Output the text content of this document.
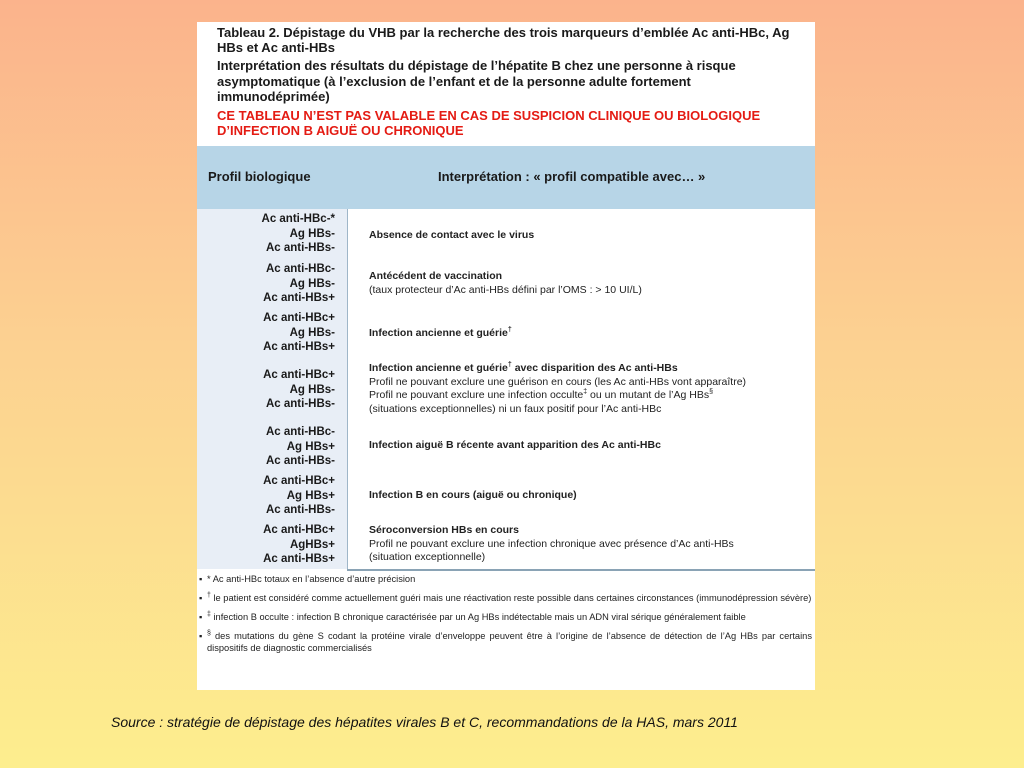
Tableau 2. Dépistage du VHB par la recherche des trois marqueurs d’emblée Ac anti-HBc, Ag HBs et Ac anti-HBs
Interprétation des résultats du dépistage de l’hépatite B chez une personne à risque asymptomatique (à l’exclusion de l’enfant et de la personne adulte fortement immunodéprimée)
CE TABLEAU N’EST PAS VALABLE EN CAS DE SUSPICION CLINIQUE OU BIOLOGIQUE D’INFECTION B AIGUË OU CHRONIQUE
Profil biologique	Interprétation : « profil compatible avec… »
Ac anti-HBc-*
Ag HBs-
Ac anti-HBs-
Absence de contact avec le virus
Ac anti-HBc-
Ag HBs-
Ac anti-HBs+
Antécédent de vaccination
(taux protecteur d’Ac anti-HBs défini par l’OMS : > 10 UI/L)
Ac anti-HBc+
Ag HBs-
Ac anti-HBs+
Infection ancienne et guérie†
Ac anti-HBc+
Ag HBs-
Ac anti-HBs-
Infection ancienne et guérie† avec disparition des Ac anti-HBs
Profil ne pouvant exclure une guérison en cours (les Ac anti-HBs vont apparaître)
Profil ne pouvant exclure une infection occulte‡ ou un mutant de l’Ag HBs§
(situations exceptionnelles) ni un faux positif pour l’Ac anti-HBc
Ac anti-HBc-
Ag HBs+
Ac anti-HBs-
Infection aiguë B récente avant apparition des Ac anti-HBc
Ac anti-HBc+
Ag HBs+
Ac anti-HBs-
Infection B en cours (aiguë ou chronique)
Ac anti-HBc+
AgHBs+
Ac anti-HBs+
Séroconversion HBs en cours
Profil ne pouvant exclure une infection chronique avec présence d’Ac anti-HBs
(situation exceptionnelle)
▪ * Ac anti-HBc totaux en l’absence d’autre précision
▪ † le patient est considéré comme actuellement guéri mais une réactivation reste possible dans certaines circonstances (immunodépression sévère)
▪ ‡ infection B occulte : infection B chronique caractérisée par un Ag HBs indétectable mais un ADN viral sérique généralement faible
▪ § des mutations du gène S codant la protéine virale d’enveloppe peuvent être à l’origine de l’absence de détection de l’Ag HBs par certains dispositifs de diagnostic commercialisés
Source : stratégie de dépistage des hépatites virales B et C, recommandations de la HAS, mars 2011
